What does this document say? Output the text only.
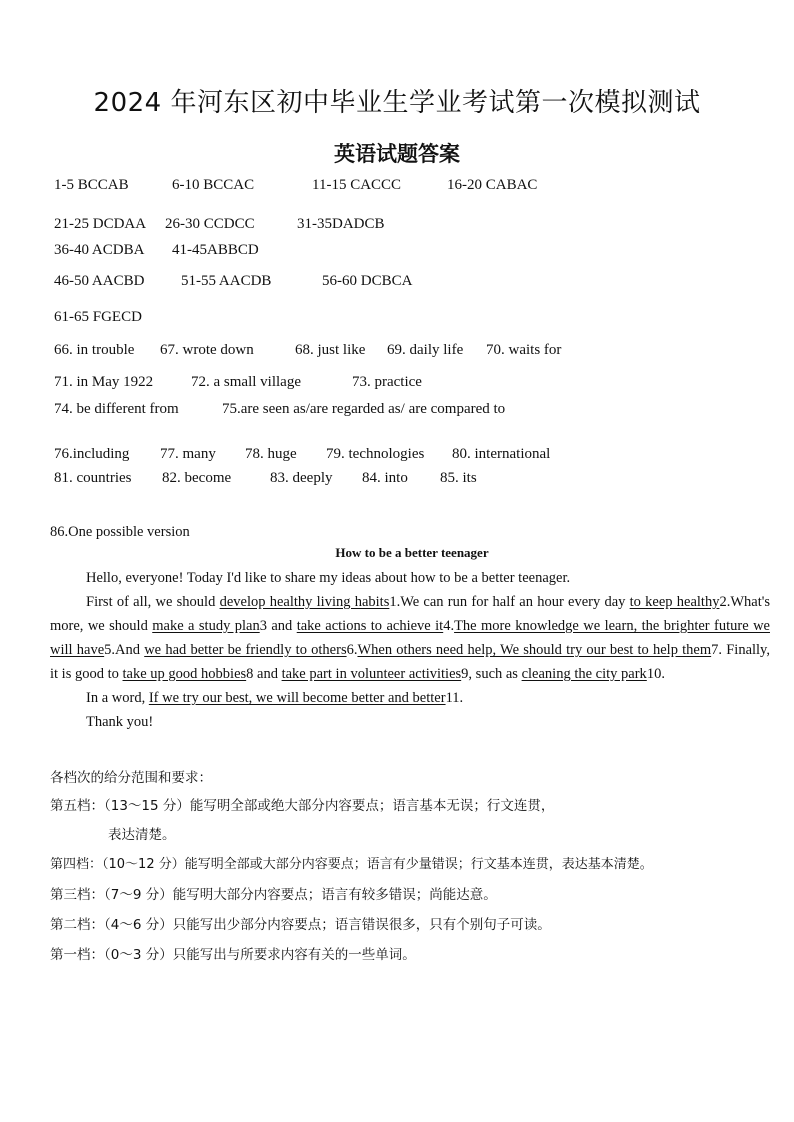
2024 年河东区初中毕业生学业考试第一次模拟测试
英语试题答案
1-5 BCCAB	6-10 BCCAC	11-15 CACCC	16-20 CABAC
21-25 DCDAA 26-30 CCDCC	31-35DADCB
36-40 ACDBA 41-45ABBCD
46-50 AACBD 51-55 AACDB	56-60 DCBCA
61-65 FGECD
66. in trouble 67. wrote down	68. just like 69. daily life 70. waits for
71. in May 1922	72. a small village	73. practice
74. be different from	75.are seen as/are regarded as/ are compared to
76.including 77. many 78. huge 79. technologies 80. international
81. countries 82. become	83. deeply 84. into 85. its
86.One possible version
How to be a better teenager

Hello, everyone! Today I'd like to share my ideas about how to be a better teenager.

First of all, we should develop healthy living habits1.We can run for half an hour every day to keep healthy2.What's more, we should make a study plan3 and take actions to achieve it4.The more knowledge we learn, the brighter future we will have5.And we had better be friendly to others6.When others need help, We should try our best to help them7. Finally, it is good to take up good hobbies8 and take part in volunteer activities9, such as cleaning the city park10.

In a word, If we try our best, we will become better and better11.

Thank you!

各档次的给分范围和要求：
第五档：（13～15 分）能写明全部或绝大部分内容要点；语言基本无误；行文连贯，
表达清楚。
第四档：（10～12 分）能写明全部或大部分内容要点；语言有少量错误；行文基本连贯，表达基本清楚。
第三档：（7～9 分）能写明大部分内容要点；语言有较多错误；尚能达意。
第二档：（4～6 分）只能写出少部分内容要点；语言错误很多，只有个别句子可读。
第一档：（0～3 分）只能写出与所要求内容有关的一些单词。
